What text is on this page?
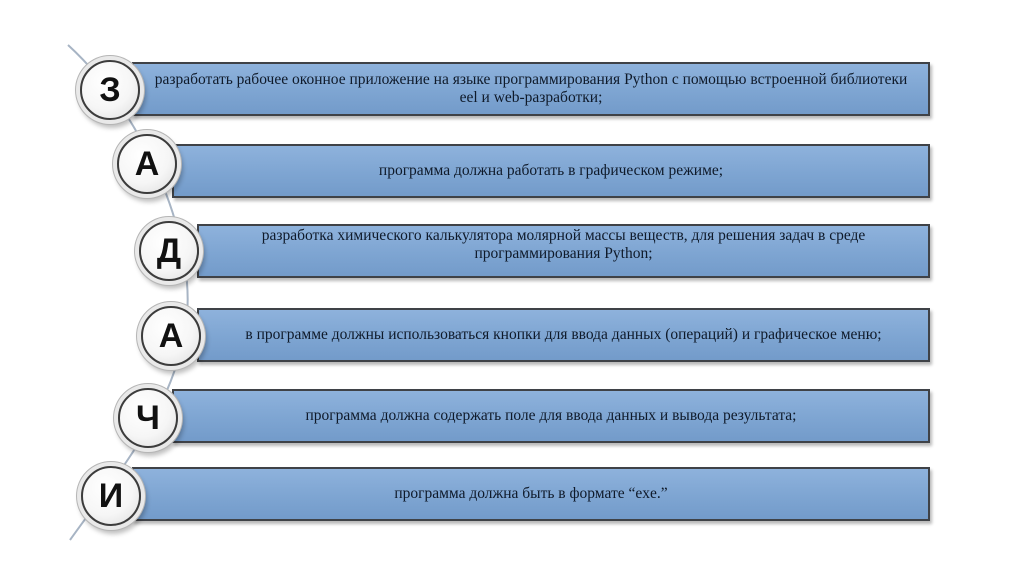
разработать рабочее оконное приложение на языке программирования Python с помощью встроенной библиотеки eel и web-разработки;
З
программа должна работать в графическом режиме;
А
разработка химического калькулятора молярной массы веществ, для решения задач в среде программирования Python;
Д
в программе должны использоваться кнопки для ввода данных (операций) и графическое меню;
А
программа должна содержать поле для ввода данных и вывода результата;
Ч
программа должна быть в формате “exe.”
И
